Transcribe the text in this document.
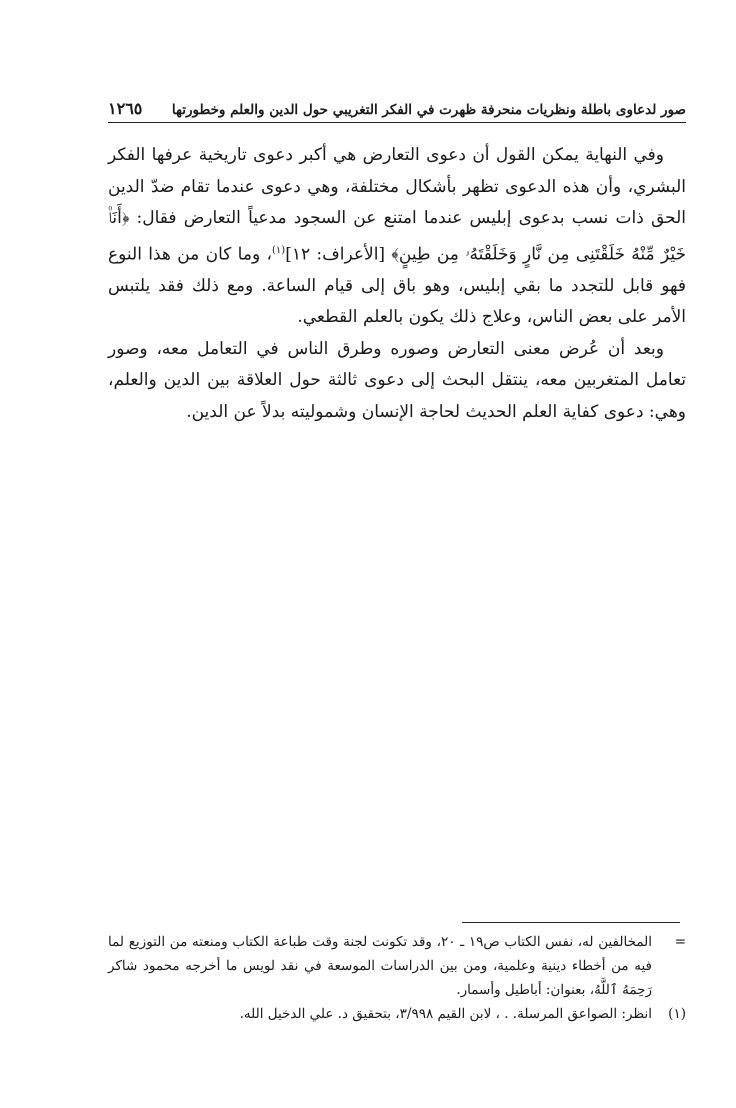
صور لدعاوى باطلة ونظريات منحرفة ظهرت في الفكر التغريبي حول الدين والعلم وخطورتها
١٢٦٥

وفي النهاية يمكن القول أن دعوى التعارض هي أكبر دعوى تاريخية عرفها الفكر البشري، وأن هذه الدعوى تظهر بأشكال مختلفة، وهي دعوى عندما تقام ضدّ الدين الحق ذات نسب بدعوى إبليس عندما امتنع عن السجود مدعياً التعارض فقال: ﴿أَنَا۠ خَيْرٌ مِّنْهُ خَلَقْتَنِى مِن نَّارٍ وَخَلَقْتَهُۥ مِن طِينٍ﴾ [الأعراف: ١٢]$^{(١)}$، وما كان من هذا النوع فهو قابل للتجدد ما بقي إبليس، وهو باق إلى قيام الساعة. ومع ذلك فقد يلتبس الأمر على بعض الناس، وعلاج ذلك يكون بالعلم القطعي.

وبعد أن عُرض معنى التعارض وصوره وطرق الناس في التعامل معه، وصور تعامل المتغربين معه، ينتقل البحث إلى دعوى ثالثة حول العلاقة بين الدين والعلم، وهي: دعوى كفاية العلم الحديث لحاجة الإنسان وشموليته بدلاً عن الدين.

=
المخالفين له، نفس الكتاب ص١٩ ـ ٢٠، وقد تكونت لجنة وقت طباعة الكتاب ومنعته من التوزيع لما فيه من أخطاء دينية وعلمية، ومن بين الدراسات الموسعة في نقد لويس ما أخرجه محمود شاكر رَحِمَهُ ٱللَّهُ، بعنوان: أباطيل وأسمار.
(١)
انظر: الصواعق المرسلة. . ، لابن القيم ٣/٩٩٨، بتحقيق د. علي الدخيل الله.
